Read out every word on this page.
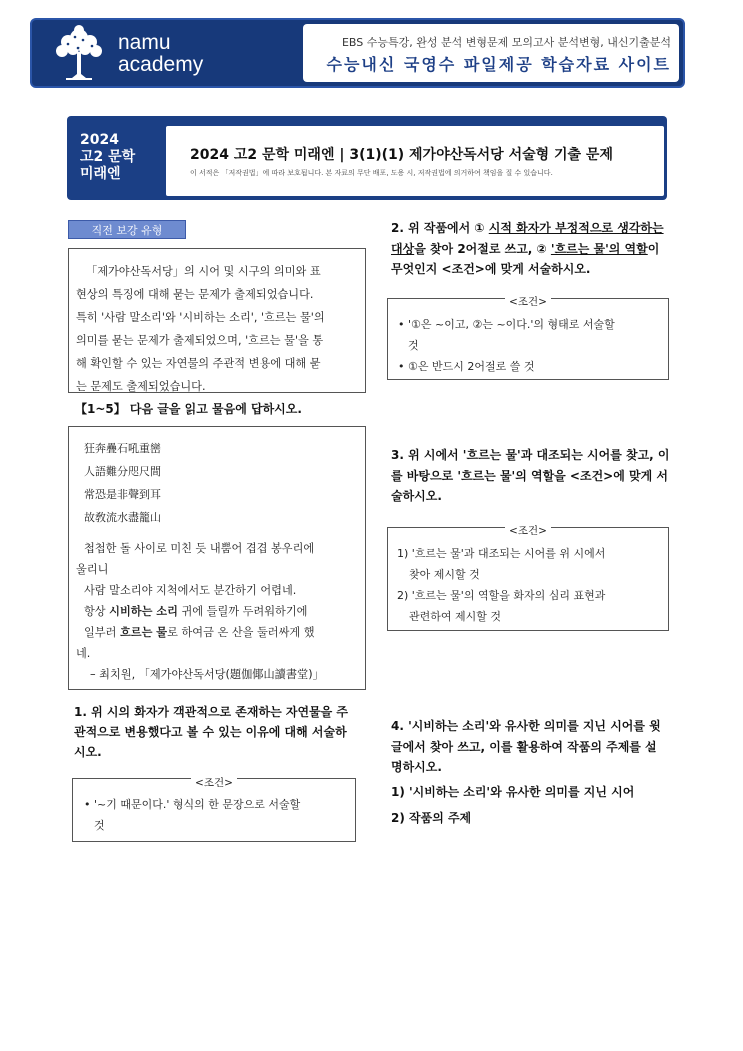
namu
academy
EBS 수능특강, 완성 분석 변형문제 모의고사 분석변형, 내신기출분석
수능내신 국영수 파일제공 학습자료 사이트
2024
고2 문학
미래엔
2024 고2 문학 미래엔 | 3(1)(1) 제가야산독서당 서술형 기출 문제
이 서적은 「저작권법」에 따라 보호됩니다. 본 자료의 무단 배포, 도용 시, 저작권법에 의거하여 책임을 질 수 있습니다.
직전 보강 유형
「제가야산독서당」의 시어 및 시구의 의미와 표
현상의 특징에 대해 묻는 문제가 출제되었습니다.
특히 '사람 말소리'와 '시비하는 소리', '흐르는 물'의
의미를 묻는 문제가 출제되었으며, '흐르는 물'을 통
해 확인할 수 있는 자연물의 주관적 변용에 대해 묻
는 문제도 출제되었습니다.
【1~5】 다음 글을 읽고 물음에 답하시오.
狂奔疊石吼重巒
人語難分咫尺間
常恐是非聲到耳
故敎流水盡籠山
첩첩한 돌 사이로 미친 듯 내뿜어 겹겹 봉우리에
울리니
사람 말소리야 지척에서도 분간하기 어렵네.
항상 시비하는 소리 귀에 들릴까 두려워하기에
일부러 흐르는 물로 하여금 온 산을 둘러싸게 했
네.
– 최치원, 「제가야산독서당(題伽倻山讀書堂)」
1. 위 시의 화자가 객관적으로 존재하는 자연물을 주
관적으로 변용했다고 볼 수 있는 이유에 대해 서술하
시오.
<조건>
• '~기 때문이다.' 형식의 한 문장으로 서술할
것
2. 위 작품에서 ① 시적 화자가 부정적으로 생각하는
대상을 찾아 2어절로 쓰고, ② '흐르는 물'의 역할이
무엇인지 <조건>에 맞게 서술하시오.
<조건>
• '①은 ~이고, ②는 ~이다.'의 형태로 서술할
것
• ①은 반드시 2어절로 쓸 것
3. 위 시에서 '흐르는 물'과 대조되는 시어를 찾고, 이
를 바탕으로 '흐르는 물'의 역할을 <조건>에 맞게 서
술하시오.
<조건>
1) '흐르는 물'과 대조되는 시어를 위 시에서
찾아 제시할 것
2) '흐르는 물'의 역할을 화자의 심리 표현과
관련하여 제시할 것
4. '시비하는 소리'와 유사한 의미를 지닌 시어를 윗
글에서 찾아 쓰고, 이를 활용하여 작품의 주제를 설
명하시오.
1) '시비하는 소리'와 유사한 의미를 지닌 시어
2) 작품의 주제
